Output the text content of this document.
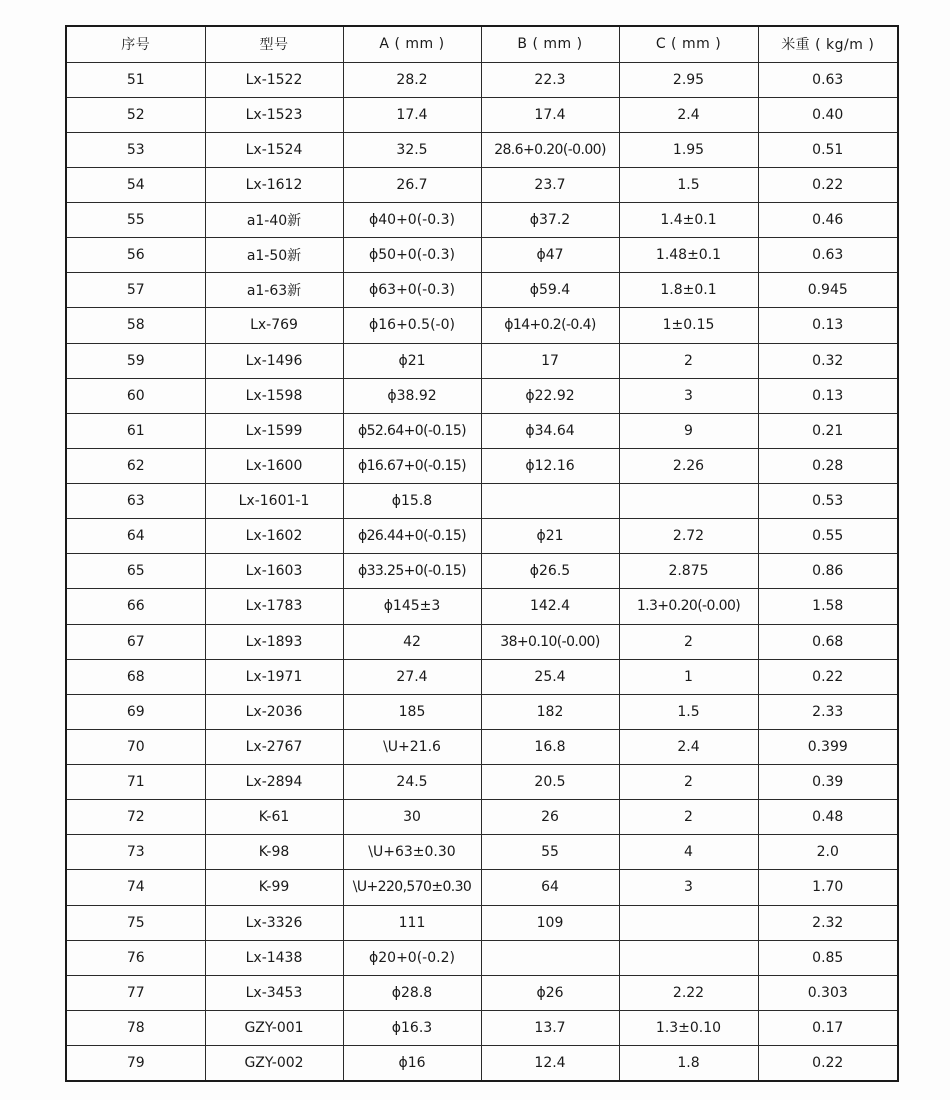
序号	型号	A ( mm )	B ( mm )	C ( mm )	米重 ( kg/m )
51	Lx-1522	28.2	22.3	2.95	0.63
52	Lx-1523	17.4	17.4	2.4	0.40
53	Lx-1524	32.5	28.6+0.20(-0.00)	1.95	0.51
54	Lx-1612	26.7	23.7	1.5	0.22
55	a1-40新	ϕ40+0(-0.3)	ϕ37.2	1.4±0.1	0.46
56	a1-50新	ϕ50+0(-0.3)	ϕ47	1.48±0.1	0.63
57	a1-63新	ϕ63+0(-0.3)	ϕ59.4	1.8±0.1	0.945
58	Lx-769	ϕ16+0.5(-0)	ϕ14+0.2(-0.4)	1±0.15	0.13
59	Lx-1496	ϕ21	17	2	0.32
60	Lx-1598	ϕ38.92	ϕ22.92	3	0.13
61	Lx-1599	ϕ52.64+0(-0.15)	ϕ34.64	9	0.21
62	Lx-1600	ϕ16.67+0(-0.15)	ϕ12.16	2.26	0.28
63	Lx-1601-1	ϕ15.8			0.53
64	Lx-1602	ϕ26.44+0(-0.15)	ϕ21	2.72	0.55
65	Lx-1603	ϕ33.25+0(-0.15)	ϕ26.5	2.875	0.86
66	Lx-1783	ϕ145±3	142.4	1.3+0.20(-0.00)	1.58
67	Lx-1893	42	38+0.10(-0.00)	2	0.68
68	Lx-1971	27.4	25.4	1	0.22
69	Lx-2036	185	182	1.5	2.33
70	Lx-2767	\U+21.6	16.8	2.4	0.399
71	Lx-2894	24.5	20.5	2	0.39
72	K-61	30	26	2	0.48
73	K-98	\U+63±0.30	55	4	2.0
74	K-99	\U+220,570±0.30	64	3	1.70
75	Lx-3326	111	109		2.32
76	Lx-1438	ϕ20+0(-0.2)			0.85
77	Lx-3453	ϕ28.8	ϕ26	2.22	0.303
78	GZY-001	ϕ16.3	13.7	1.3±0.10	0.17
79	GZY-002	ϕ16	12.4	1.8	0.22
